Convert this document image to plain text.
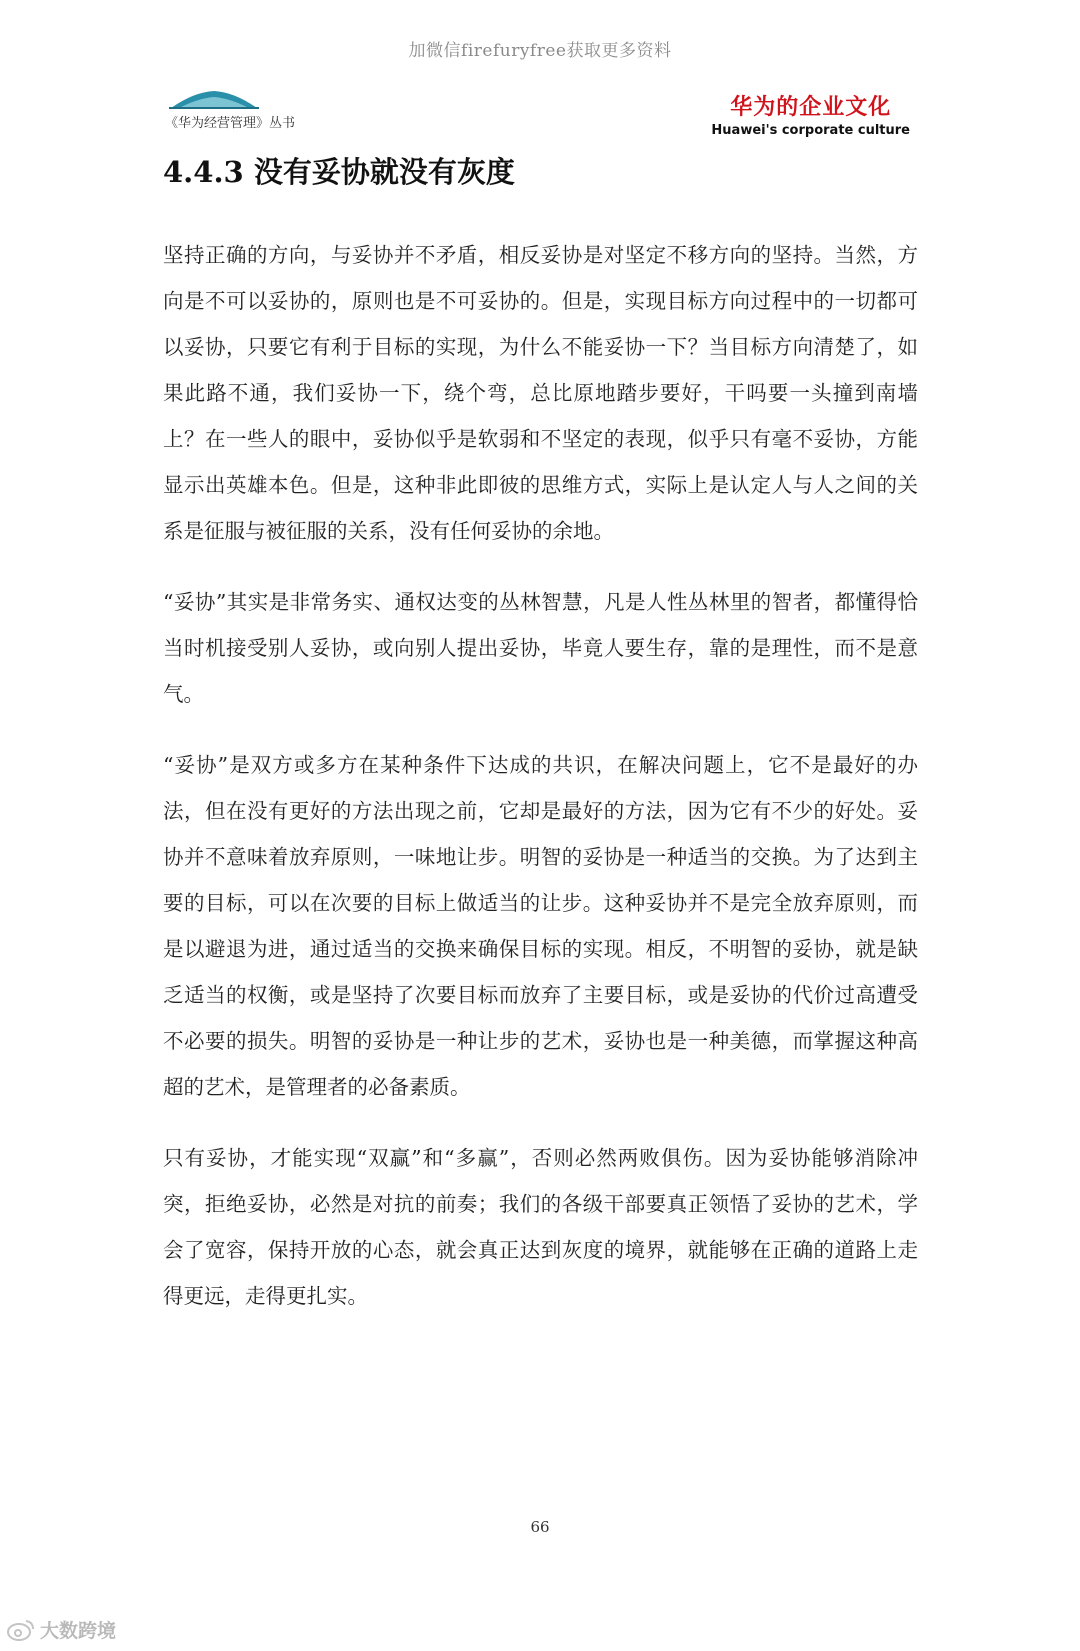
加微信firefuryfree获取更多资料
《华为经营管理》丛书
华为的企业文化
Huawei's corporate culture
4.4.3 没有妥协就没有灰度

坚持正确的方向，与妥协并不矛盾，相反妥协是对坚定不移方向的坚持。当然，方向是不可以妥协的，原则也是不可妥协的。但是，实现目标方向过程中的一切都可以妥协，只要它有利于目标的实现，为什么不能妥协一下？当目标方向清楚了，如果此路不通，我们妥协一下，绕个弯，总比原地踏步要好，干吗要一头撞到南墙上？在一些人的眼中，妥协似乎是软弱和不坚定的表现，似乎只有毫不妥协，方能显示出英雄本色。但是，这种非此即彼的思维方式，实际上是认定人与人之间的关系是征服与被征服的关系，没有任何妥协的余地。

“妥协”其实是非常务实、通权达变的丛林智慧，凡是人性丛林里的智者，都懂得恰当时机接受别人妥协，或向别人提出妥协，毕竟人要生存，靠的是理性，而不是意气。

“妥协”是双方或多方在某种条件下达成的共识，在解决问题上，它不是最好的办法，但在没有更好的方法出现之前，它却是最好的方法，因为它有不少的好处。妥协并不意味着放弃原则，一味地让步。明智的妥协是一种适当的交换。为了达到主要的目标，可以在次要的目标上做适当的让步。这种妥协并不是完全放弃原则，而是以避退为进，通过适当的交换来确保目标的实现。相反，不明智的妥协，就是缺乏适当的权衡，或是坚持了次要目标而放弃了主要目标，或是妥协的代价过高遭受不必要的损失。明智的妥协是一种让步的艺术，妥协也是一种美德，而掌握这种高超的艺术，是管理者的必备素质。

只有妥协，才能实现“双赢”和“多赢”，否则必然两败俱伤。因为妥协能够消除冲突，拒绝妥协，必然是对抗的前奏；我们的各级干部要真正领悟了妥协的艺术，学会了宽容，保持开放的心态，就会真正达到灰度的境界，就能够在正确的道路上走得更远，走得更扎实。

66
大数跨境
